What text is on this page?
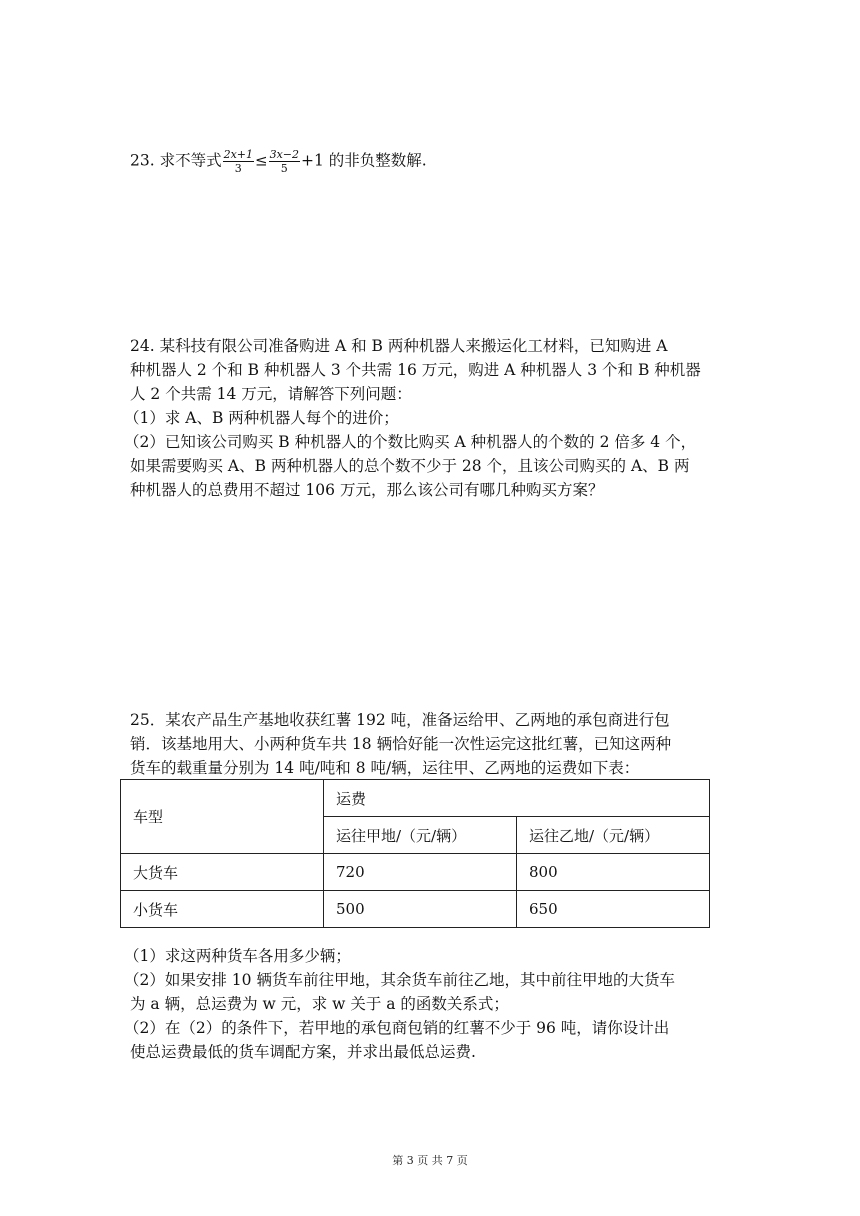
23. 求不等式 $\frac{2x+1}{3} \le \frac{3x-2}{5} +1$ 的非负整数解.

24. 某科技有限公司准备购进 A 和 B 两种机器人来搬运化工材料，已知购进 A

种机器人 2 个和 B 种机器人 3 个共需 16 万元，购进 A 种机器人 3 个和 B 种机器

人 2 个共需 14 万元，请解答下列问题：

（1）求 A、B 两种机器人每个的进价；

（2）已知该公司购买 B 种机器人的个数比购买 A 种机器人的个数的 2 倍多 4 个，

如果需要购买 A、B 两种机器人的总个数不少于 28 个，且该公司购买的 A、B 两

种机器人的总费用不超过 106 万元，那么该公司有哪几种购买方案？

25．某农产品生产基地收获红薯 192 吨，准备运给甲、乙两地的承包商进行包

销．该基地用大、小两种货车共 18 辆恰好能一次性运完这批红薯，已知这两种

货车的载重量分别为 14 吨/吨和 8 吨/辆，运往甲、乙两地的运费如下表：

车型	运费	
	运往甲地/（元/辆）	运往乙地/（元/辆）
大货车	720	800
小货车	500	650

（1）求这两种货车各用多少辆；

（2）如果安排 10 辆货车前往甲地，其余货车前往乙地，其中前往甲地的大货车

为 a 辆，总运费为 w 元，求 w 关于 a 的函数关系式；

（2）在（2）的条件下，若甲地的承包商包销的红薯不少于 96 吨，请你设计出

使总运费最低的货车调配方案，并求出最低总运费.

第 3 页 共 7 页
